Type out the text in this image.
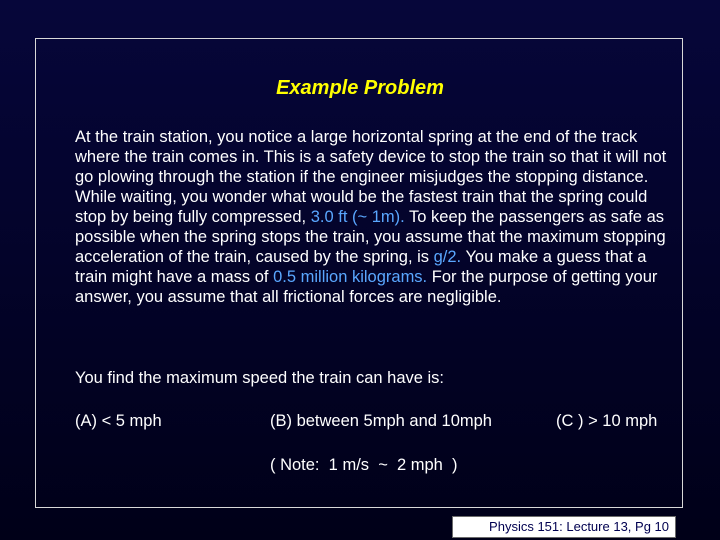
Example Problem

At the train station, you notice a large horizontal spring at the end of the track where the train comes in. This is a safety device to stop the train so that it will not go plowing through the station if the engineer misjudges the stopping distance. While waiting, you wonder what would be the fastest train that the spring could stop by being fully compressed, 3.0 ft (~ 1m). To keep the passengers as safe as possible when the spring stops the train, you assume that the maximum stopping acceleration of the train, caused by the spring, is g/2. You make a guess that a train might have a mass of 0.5 million kilograms. For the purpose of getting your answer, you assume that all frictional forces are negligible.

You find the maximum speed the train can have is:
(A) < 5 mph	(B) between 5mph and 10mph	(C ) > 10 mph
( Note:  1 m/s  ~  2 mph  )
Physics 151: Lecture 13, Pg 10
